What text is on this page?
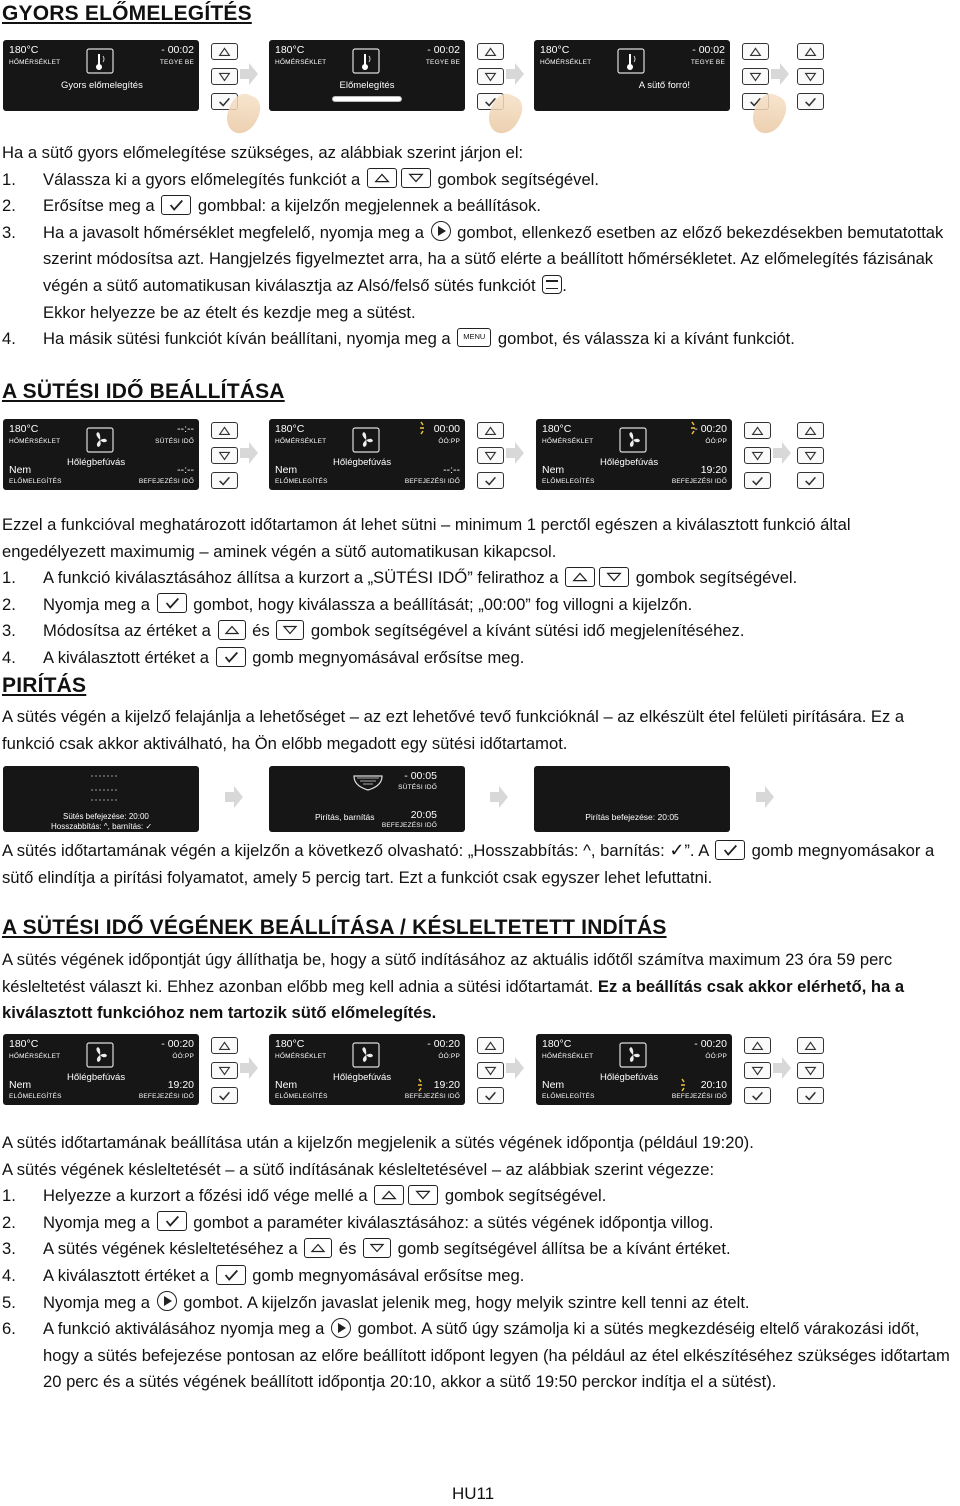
GYORS ELŐMELEGÍTÉS
Ha a sütő gyors előmelegítése szükséges, az alábbiak szerint járjon el:
1. Válassza ki a gyors előmelegítés funkciót a	gombok segítségével.
2. Erősítse meg a	gombbal: a kijelzőn megjelennek a beállítások.
3. Ha a javasolt hőmérséklet megfelelő, nyomja meg a gombot, ellenkező esetben az előző bekezdésekben bemutatottak szerint módosítsa azt. Hangjelzés figyelmeztet arra, ha a sütő elérte a beállított hőmérsékletet. Az előmelegítés fázisának végén a sütő automatikusan kiválasztja az Alsó/felső sütés funkciót .
Ekkor helyezze be az ételt és kezdje meg a sütést.
4. Ha másik sütési funkciót kíván beállítani, nyomja meg a MENU gombot, és válassza ki a kívánt funkciót.
A SÜTÉSI IDŐ BEÁLLÍTÁSA
Ezzel a funkcióval meghatározott időtartamon át lehet sütni – minimum 1 perctől egészen a kiválasztott funkció által engedélyezett maximumig – aminek végén a sütő automatikusan kikapcsol.
1. A funkció kiválasztásához állítsa a kurzort a „SÜTÉSI IDŐ” felirathoz a	gombok segítségével.
2. Nyomja meg a	gombot, hogy kiválassza a beállítását; „00:00” fog villogni a kijelzőn.
3. Módosítsa az értéket a és gombok segítségével a kívánt sütési idő megjelenítéséhez.
4. A kiválasztott értéket a	gomb megnyomásával erősítse meg.
PIRÍTÁS
A sütés végén a kijelző felajánlja a lehetőséget – az ezt lehetővé tevő funkcióknál – az elkészült étel felületi pirítására. Ez a funkció csak akkor aktiválható, ha Ön előbb megadott egy sütési időtartamot.
A sütés időtartamának végén a kijelzőn a következő olvasható: „Hosszabbítás: ^, barnítás: ✓”. A	gomb megnyomásakor a sütő elindítja a pirítási folyamatot, amely 5 percig tart. Ezt a funkciót csak egyszer lehet lefuttatni.
A SÜTÉSI IDŐ VÉGÉNEK BEÁLLÍTÁSA / KÉSLELTETETT INDÍTÁS
A sütés végének időpontját úgy állíthatja be, hogy a sütő indításához az aktuális időtől számítva maximum 23 óra 59 perc késleltetést választ ki. Ehhez azonban előbb meg kell adnia a sütési időtartamát. Ez a beállítás csak akkor elérhető, ha a kiválasztott funkcióhoz nem tartozik sütő előmelegítés.
A sütés időtartamának beállítása után a kijelzőn megjelenik a sütés végének időpontja (például 19:20).
A sütés végének késleltetését – a sütő indításának késleltetésével – az alábbiak szerint végezze:
1. Helyezze a kurzort a főzési idő vége mellé a	gombok segítségével.
2. Nyomja meg a	gombot a paraméter kiválasztásához: a sütés végének időpontja villog.
3. A sütés végének késleltetéséhez a és gomb segítségével állítsa be a kívánt értéket.
4. A kiválasztott értéket a	gomb megnyomásával erősítse meg.
5. Nyomja meg a gombot. A kijelzőn javaslat jelenik meg, hogy melyik szintre kell tenni az ételt.
6. A funkció aktiválásához nyomja meg a gombot. A sütő úgy számolja ki a sütés megkezdéséig eltelő várakozási időt, hogy a sütés befejezése pontosan az előre beállított időpont legyen (ha például az étel elkészítéséhez szükséges időtartam 20 perc és a sütés végének beállított időpontja 20:10, akkor a sütő 19:50 perckor indítja el a sütést).
HU11
180°C
HŐMÉRSÉKLET
- 00:02
TEGYE BE
Gyors előmelegítés
180°C
HŐMÉRSÉKLET
- 00:02
TEGYE BE
Előmelegítés
180°C
HŐMÉRSÉKLET
- 00:02
TEGYE BE
A sütő forró!
180°C
HŐMÉRSÉKLET
--:--
SÜTÉSI IDŐ
Hőlégbefúvás
Nem
ELŐMELEGÍTÉS
--:--
BEFEJEZÉSI IDŐ
180°C
HŐMÉRSÉKLET
00:00
ÓÓ:PP
Hőlégbefúvás
Nem
ELŐMELEGÍTÉS
--:--
BEFEJEZÉSI IDŐ
180°C
HŐMÉRSÉKLET
- 00:20
ÓÓ:PP
Hőlégbefúvás
Nem
ELŐMELEGÍTÉS
19:20
BEFEJEZÉSI IDŐ
Sütés befejezése: 20:00
Hosszabbítás: ^, barnítás: ✓
- 00:05
SÜTÉSI IDŐ
Pirítás, barnítás	20:05
BEFEJEZÉSI IDŐ
Pirítás befejezése: 20:05
180°C
HŐMÉRSÉKLET
- 00:20
ÓÓ:PP
Hőlégbefúvás
Nem
ELŐMELEGÍTÉS
19:20
BEFEJEZÉSI IDŐ
180°C
HŐMÉRSÉKLET
- 00:20
ÓÓ:PP
Hőlégbefúvás
Nem
ELŐMELEGÍTÉS
19:20
BEFEJEZÉSI IDŐ
180°C
HŐMÉRSÉKLET
- 00:20
ÓÓ:PP
Hőlégbefúvás
Nem
ELŐMELEGÍTÉS
20:10
BEFEJEZÉSI IDŐ
